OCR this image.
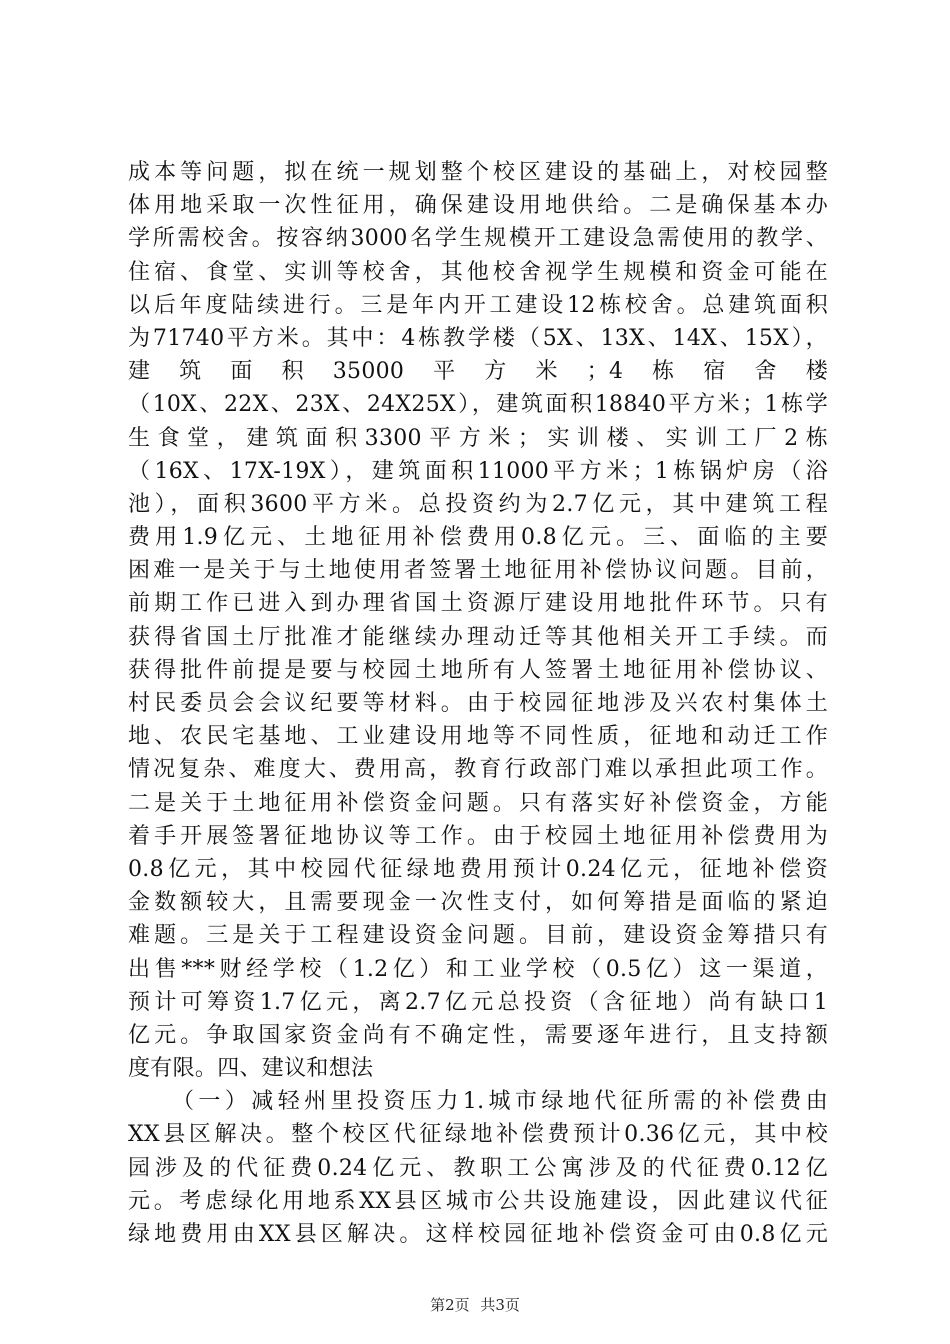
成本等问题，拟在统一规划整个校区建设的基础上，对校园整
体用地采取一次性征用，确保建设用地供给。二是确保基本办
学所需校舍。按容纳3000名学生规模开工建设急需使用的教学、
住宿、食堂、实训等校舍，其他校舍视学生规模和资金可能在
以后年度陆续进行。三是年内开工建设12栋校舍。总建筑面积
为71740平方米。其中：4栋教学楼（5X、13X、14X、15X），
建筑面积35000平方米；4栋宿舍楼
（10X、22X、23X、24X25X），建筑面积18840平方米；1栋学
生食堂，建筑面积3300平方米；实训楼、实训工厂2栋
（16X、17X-19X），建筑面积11000平方米；1栋锅炉房（浴
池），面积3600平方米。总投资约为2.7亿元，其中建筑工程
费用1.9亿元、土地征用补偿费用0.8亿元。三、面临的主要
困难一是关于与土地使用者签署土地征用补偿协议问题。目前，
前期工作已进入到办理省国土资源厅建设用地批件环节。只有
获得省国土厅批准才能继续办理动迁等其他相关开工手续。而
获得批件前提是要与校园土地所有人签署土地征用补偿协议、
村民委员会会议纪要等材料。由于校园征地涉及兴农村集体土
地、农民宅基地、工业建设用地等不同性质，征地和动迁工作
情况复杂、难度大、费用高，教育行政部门难以承担此项工作。
二是关于土地征用补偿资金问题。只有落实好补偿资金，方能
着手开展签署征地协议等工作。由于校园土地征用补偿费用为
0.8亿元，其中校园代征绿地费用预计0.24亿元，征地补偿资
金数额较大，且需要现金一次性支付，如何筹措是面临的紧迫
难题。三是关于工程建设资金问题。目前，建设资金筹措只有
出售***财经学校（1.2亿）和工业学校（0.5亿）这一渠道，
预计可筹资1.7亿元，离2.7亿元总投资（含征地）尚有缺口1
亿元。争取国家资金尚有不确定性，需要逐年进行，且支持额
度有限。四、建议和想法
（一）减轻州里投资压力1.城市绿地代征所需的补偿费由
XX县区解决。整个校区代征绿地补偿费预计0.36亿元，其中校
园涉及的代征费0.24亿元、教职工公寓涉及的代征费0.12亿
元。考虑绿化用地系XX县区城市公共设施建设，因此建议代征
绿地费用由XX县区解决。这样校园征地补偿资金可由0.8亿元
第2页 共3页
